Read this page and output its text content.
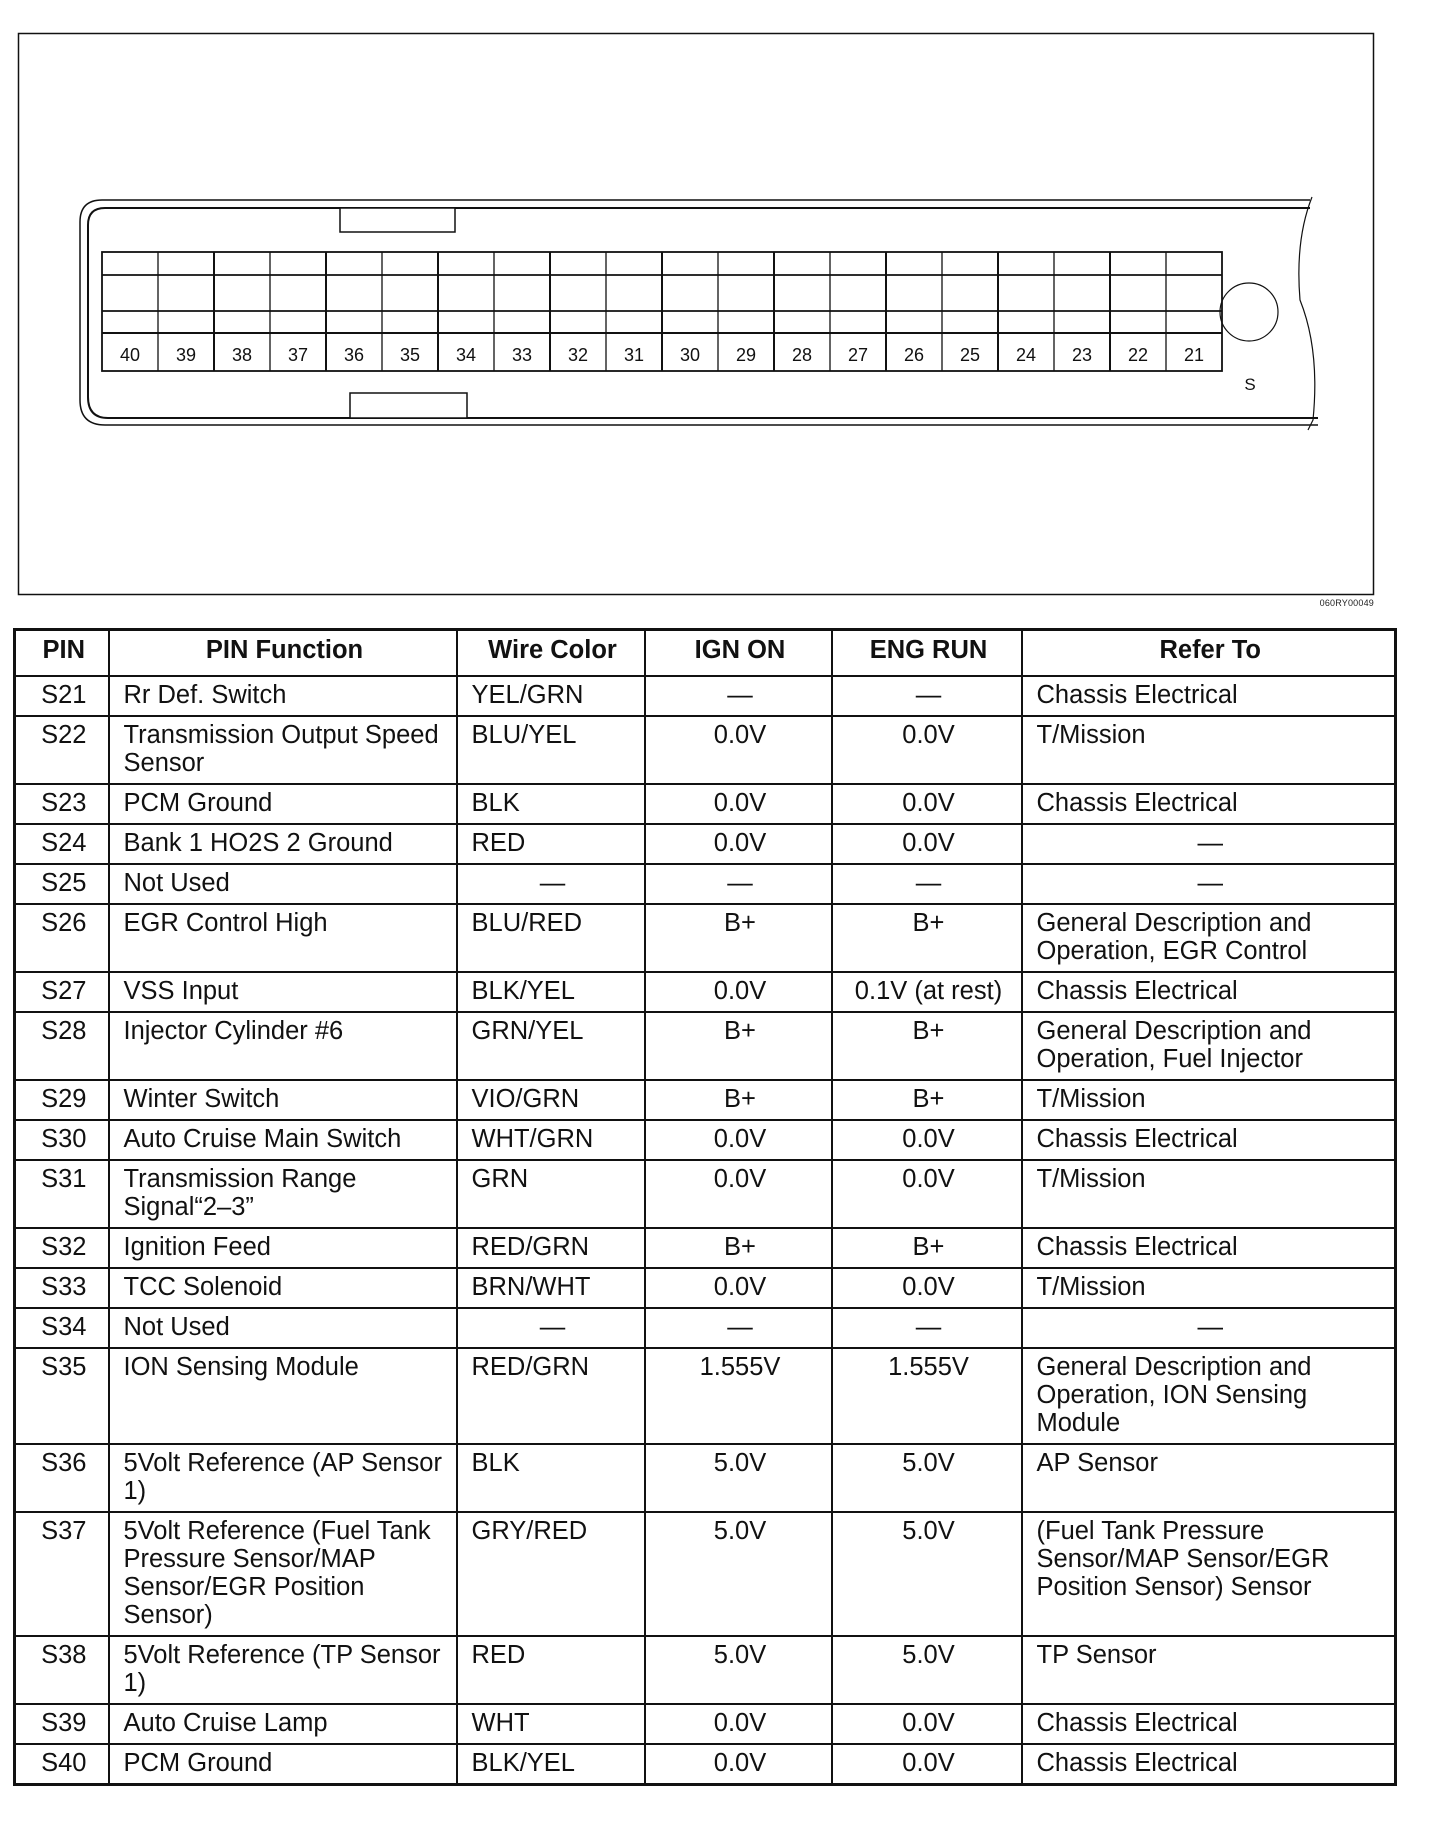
40 39 38 37 36 35 34 33 32 31 30 29 28 27 26 25 24 23 22 21
S
060RY00049
PIN	PIN Function	Wire Color	IGN ON	ENG RUN	Refer To
S21	Rr Def. Switch	YEL/GRN	—	—	Chassis Electrical
S22	Transmission Output Speed Sensor	BLU/YEL	0.0V	0.0V	T/Mission
S23	PCM Ground	BLK	0.0V	0.0V	Chassis Electrical
S24	Bank 1 HO2S 2 Ground	RED	0.0V	0.0V	—
S25	Not Used	—	—	—	—
S26	EGR Control High	BLU/RED	B+	B+	General Description and Operation, EGR Control
S27	VSS Input	BLK/YEL	0.0V	0.1V (at rest)	Chassis Electrical
S28	Injector Cylinder #6	GRN/YEL	B+	B+	General Description and Operation, Fuel Injector
S29	Winter Switch	VIO/GRN	B+	B+	T/Mission
S30	Auto Cruise Main Switch	WHT/GRN	0.0V	0.0V	Chassis Electrical
S31	Transmission Range Signal“2–3”	GRN	0.0V	0.0V	T/Mission
S32	Ignition Feed	RED/GRN	B+	B+	Chassis Electrical
S33	TCC Solenoid	BRN/WHT	0.0V	0.0V	T/Mission
S34	Not Used	—	—	—	—
S35	ION Sensing Module	RED/GRN	1.555V	1.555V	General Description and Operation, ION Sensing Module
S36	5Volt Reference (AP Sensor 1)	BLK	5.0V	5.0V	AP Sensor
S37	5Volt Reference (Fuel Tank Pressure Sensor/MAP Sensor/EGR Position Sensor)	GRY/RED	5.0V	5.0V	(Fuel Tank Pressure Sensor/MAP Sensor/EGR Position Sensor) Sensor
S38	5Volt Reference (TP Sensor 1)	RED	5.0V	5.0V	TP Sensor
S39	Auto Cruise Lamp	WHT	0.0V	0.0V	Chassis Electrical
S40	PCM Ground	BLK/YEL	0.0V	0.0V	Chassis Electrical
